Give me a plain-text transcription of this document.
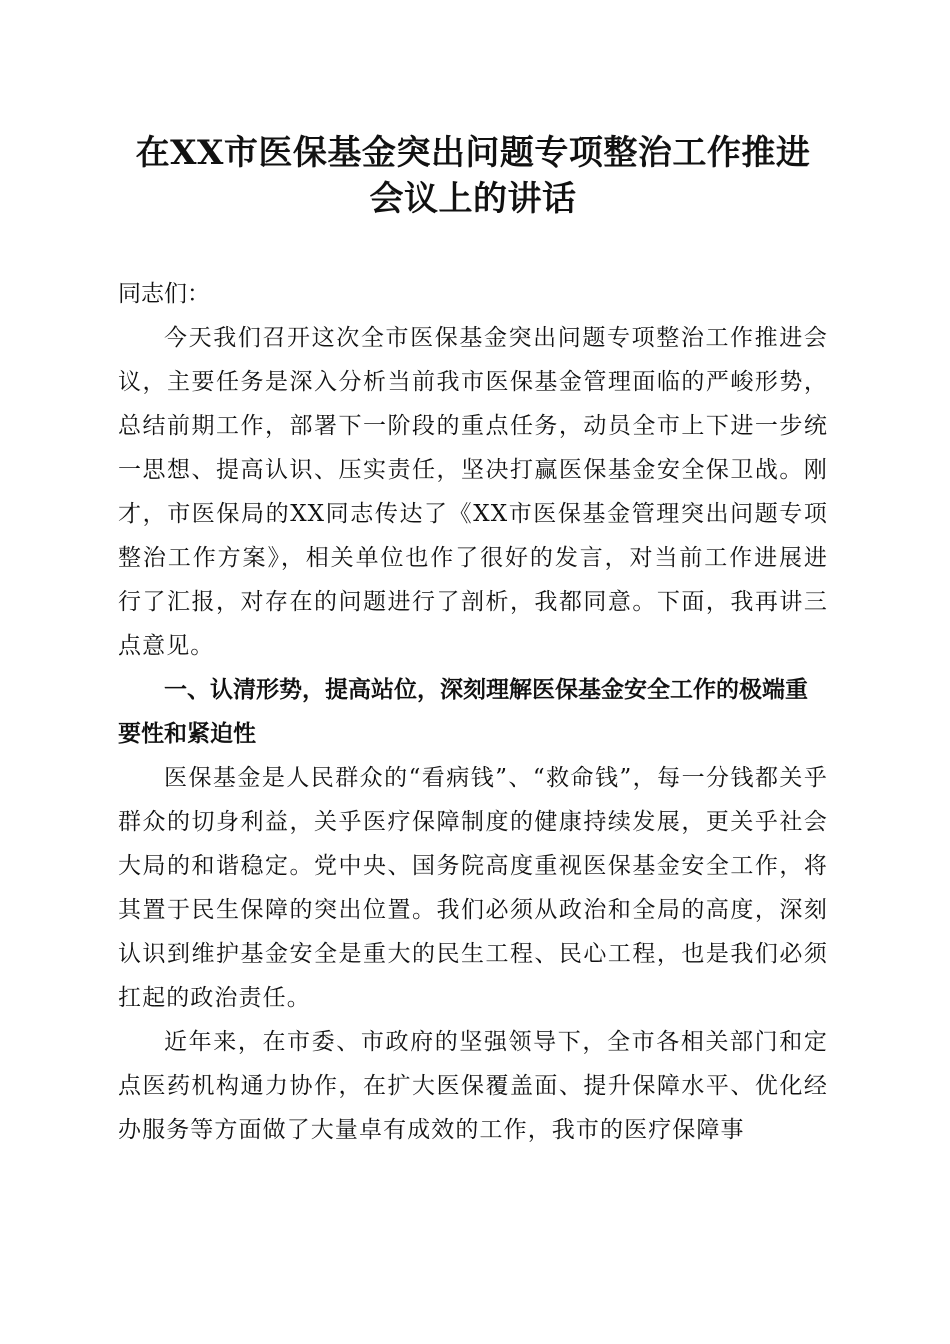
在XX市医保基金突出问题专项整治工作推进
会议上的讲话

同志们：

今天我们召开这次全市医保基金突出问题专项整治工作推进会议，主要任务是深入分析当前我市医保基金管理面临的严峻形势，总结前期工作，部署下一阶段的重点任务，动员全市上下进一步统一思想、提高认识、压实责任，坚决打赢医保基金安全保卫战。刚才，市医保局的XX同志传达了《XX市医保基金管理突出问题专项整治工作方案》，相关单位也作了很好的发言，对当前工作进展进行了汇报，对存在的问题进行了剖析，我都同意。下面，我再讲三点意见。

一、认清形势，提高站位，深刻理解医保基金安全工作的极端重要性和紧迫性

医保基金是人民群众的“看病钱”、“救命钱”，每一分钱都关乎群众的切身利益，关乎医疗保障制度的健康持续发展，更关乎社会大局的和谐稳定。党中央、国务院高度重视医保基金安全工作，将其置于民生保障的突出位置。我们必须从政治和全局的高度，深刻认识到维护基金安全是重大的民生工程、民心工程，也是我们必须扛起的政治责任。

近年来，在市委、市政府的坚强领导下，全市各相关部门和定点医药机构通力协作，在扩大医保覆盖面、提升保障水平、优化经办服务等方面做了大量卓有成效的工作，我市的医疗保障事
